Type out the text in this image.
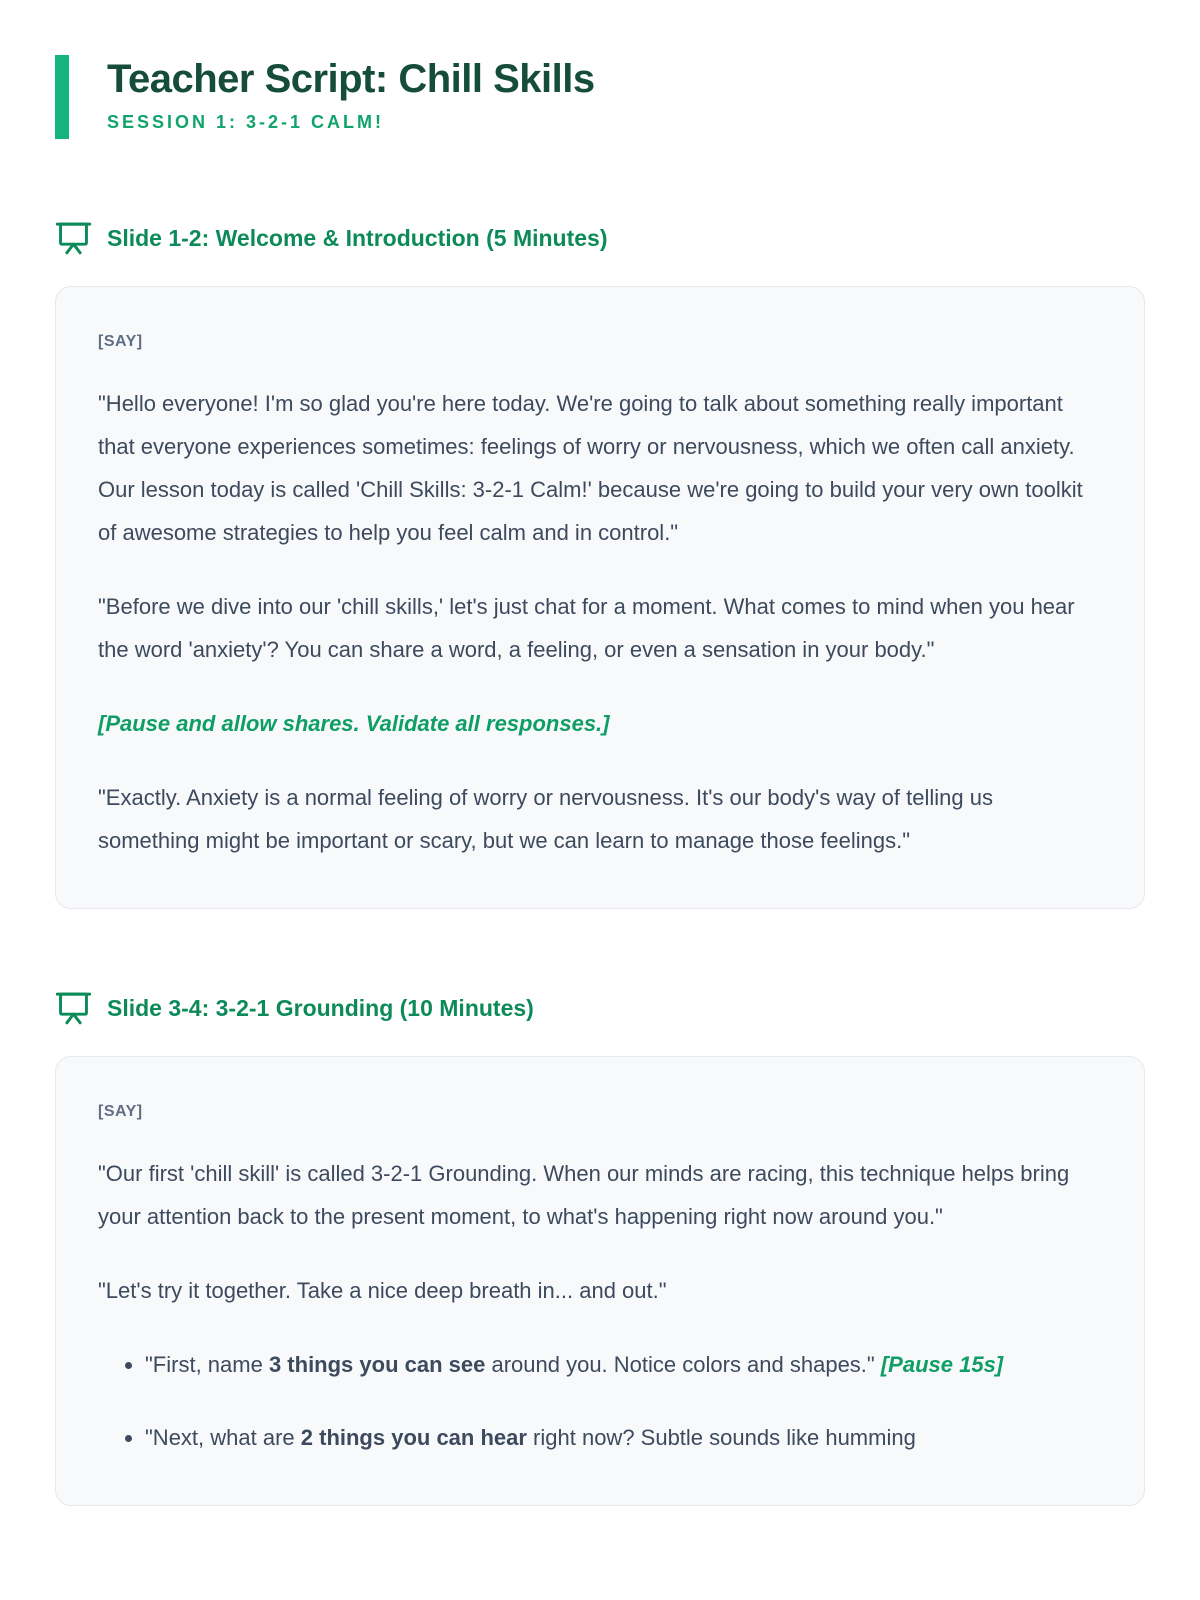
Teacher Script: Chill Skills
SESSION 1: 3-2-1 CALM!
Slide 1-2: Welcome & Introduction (5 Minutes)
[SAY]

"Hello everyone! I'm so glad you're here today. We're going to talk about something really important that everyone experiences sometimes: feelings of worry or nervousness, which we often call anxiety. Our lesson today is called 'Chill Skills: 3-2-1 Calm!' because we're going to build your very own toolkit of awesome strategies to help you feel calm and in control."

"Before we dive into our 'chill skills,' let's just chat for a moment. What comes to mind when you hear the word 'anxiety'? You can share a word, a feeling, or even a sensation in your body."

[Pause and allow shares. Validate all responses.]

"Exactly. Anxiety is a normal feeling of worry or nervousness. It's our body's way of telling us something might be important or scary, but we can learn to manage those feelings."

Slide 3-4: 3-2-1 Grounding (10 Minutes)
[SAY]

"Our first 'chill skill' is called 3-2-1 Grounding. When our minds are racing, this technique helps bring your attention back to the present moment, to what's happening right now around you."

"Let's try it together. Take a nice deep breath in... and out."

• "First, name 3 things you can see around you. Notice colors and shapes." [Pause 15s]
• "Next, what are 2 things you can hear right now? Subtle sounds like humming
